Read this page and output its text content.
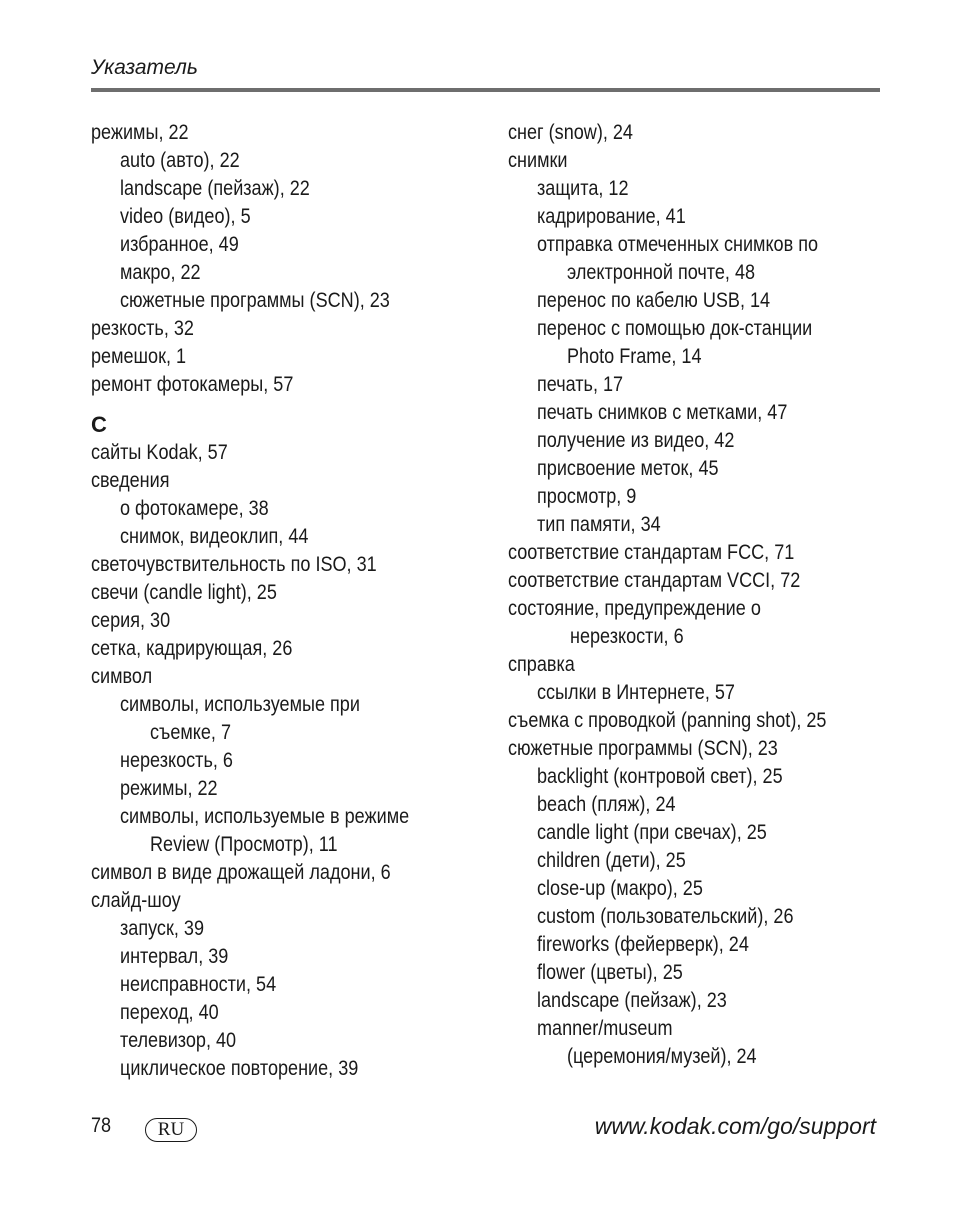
Указатель
режимы, 22
auto (авто), 22
landscape (пейзаж), 22
video (видео), 5
избранное, 49
макро, 22
сюжетные программы (SCN), 23
резкость, 32
ремешок, 1
ремонт фотокамеры, 57
С
сайты Kodak, 57
сведения
о фотокамере, 38
снимок, видеоклип, 44
светочувствительность по ISO, 31
свечи (candle light), 25
серия, 30
сетка, кадрирующая, 26
символ
символы, используемые при
съемке, 7
нерезкость, 6
режимы, 22
символы, используемые в режиме
Review (Просмотр), 11
символ в виде дрожащей ладони, 6
слайд-шоу
запуск, 39
интервал, 39
неисправности, 54
переход, 40
телевизор, 40
циклическое повторение, 39
снег (snow), 24
снимки
защита, 12
кадрирование, 41
отправка отмеченных снимков по
электронной почте, 48
перенос по кабелю USB, 14
перенос с помощью док-станции
Photo Frame, 14
печать, 17
печать снимков с метками, 47
получение из видео, 42
присвоение меток, 45
просмотр, 9
тип памяти, 34
соответствие стандартам FCC, 71
соответствие стандартам VCCI, 72
состояние, предупреждение о
нерезкости, 6
справка
ссылки в Интернете, 57
съемка с проводкой (panning shot), 25
сюжетные программы (SCN), 23
backlight (контровой свет), 25
beach (пляж), 24
candle light (при свечах), 25
children (дети), 25
close-up (макро), 25
custom (пользовательский), 26
fireworks (фейерверк), 24
flower (цветы), 25
landscape (пейзаж), 23
manner/museum
(церемония/музей), 24
78	RU	www.kodak.com/go/support
